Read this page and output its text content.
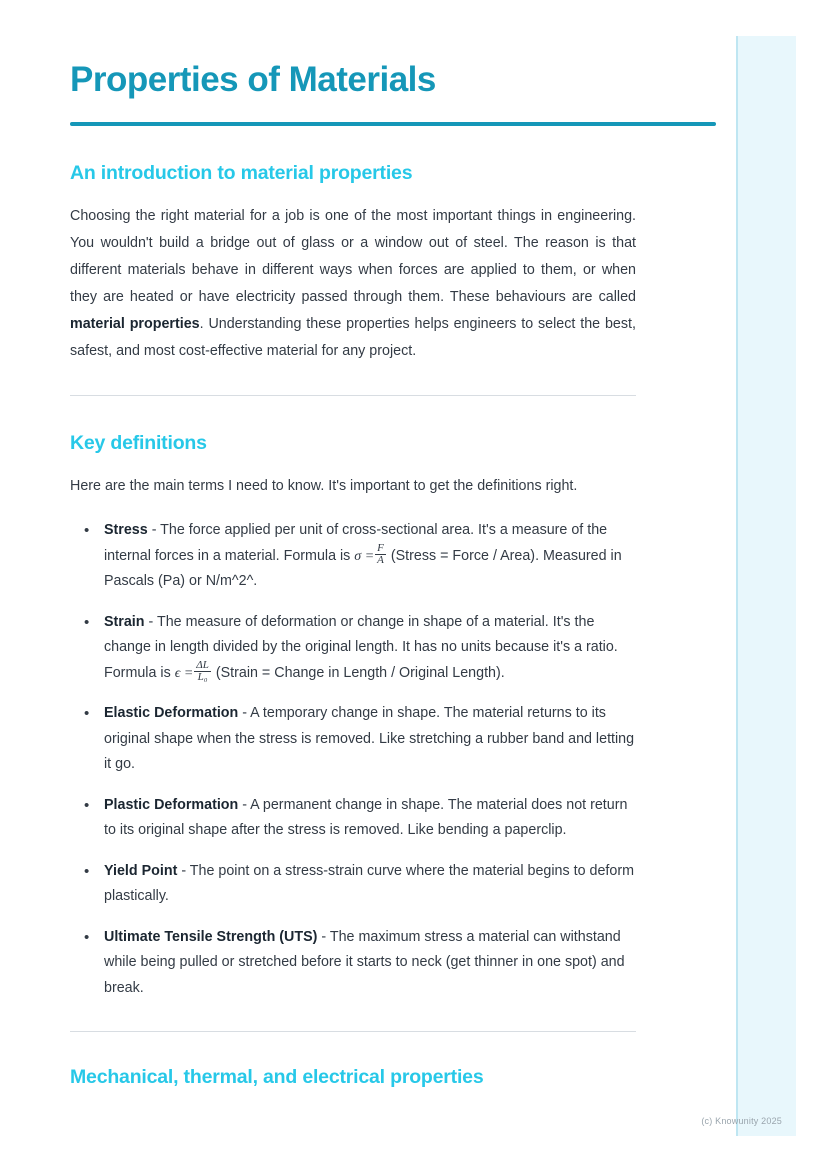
Properties of Materials
An introduction to material properties

Choosing the right material for a job is one of the most important things in engineering. You wouldn't build a bridge out of glass or a window out of steel. The reason is that different materials behave in different ways when forces are applied to them, or when they are heated or have electricity passed through them. These behaviours are called material properties. Understanding these properties helps engineers to select the best, safest, and most cost-effective material for any project.

Key definitions

Here are the main terms I need to know. It's important to get the definitions right.

• Stress - The force applied per unit of cross-sectional area. It's a measure of the internal forces in a material. Formula is $\sigma = \frac{F}{A}$ (Stress = Force / Area). Measured in Pascals (Pa) or N/m^2^.
• Strain - The measure of deformation or change in shape of a material. It's the change in length divided by the original length. It has no units because it's a ratio. Formula is $\epsilon = \frac{\Delta L}{\text{L₀}}$ (Strain = Change in Length / Original Length).
• Elastic Deformation - A temporary change in shape. The material returns to its original shape when the stress is removed. Like stretching a rubber band and letting it go.
• Plastic Deformation - A permanent change in shape. The material does not return to its original shape after the stress is removed. Like bending a paperclip.
• Yield Point - The point on a stress-strain curve where the material begins to deform plastically.
• Ultimate Tensile Strength (UTS) - The maximum stress a material can withstand while being pulled or stretched before it starts to neck (get thinner in one spot) and break.
Mechanical, thermal, and electrical properties
(c) Knowunity 2025
